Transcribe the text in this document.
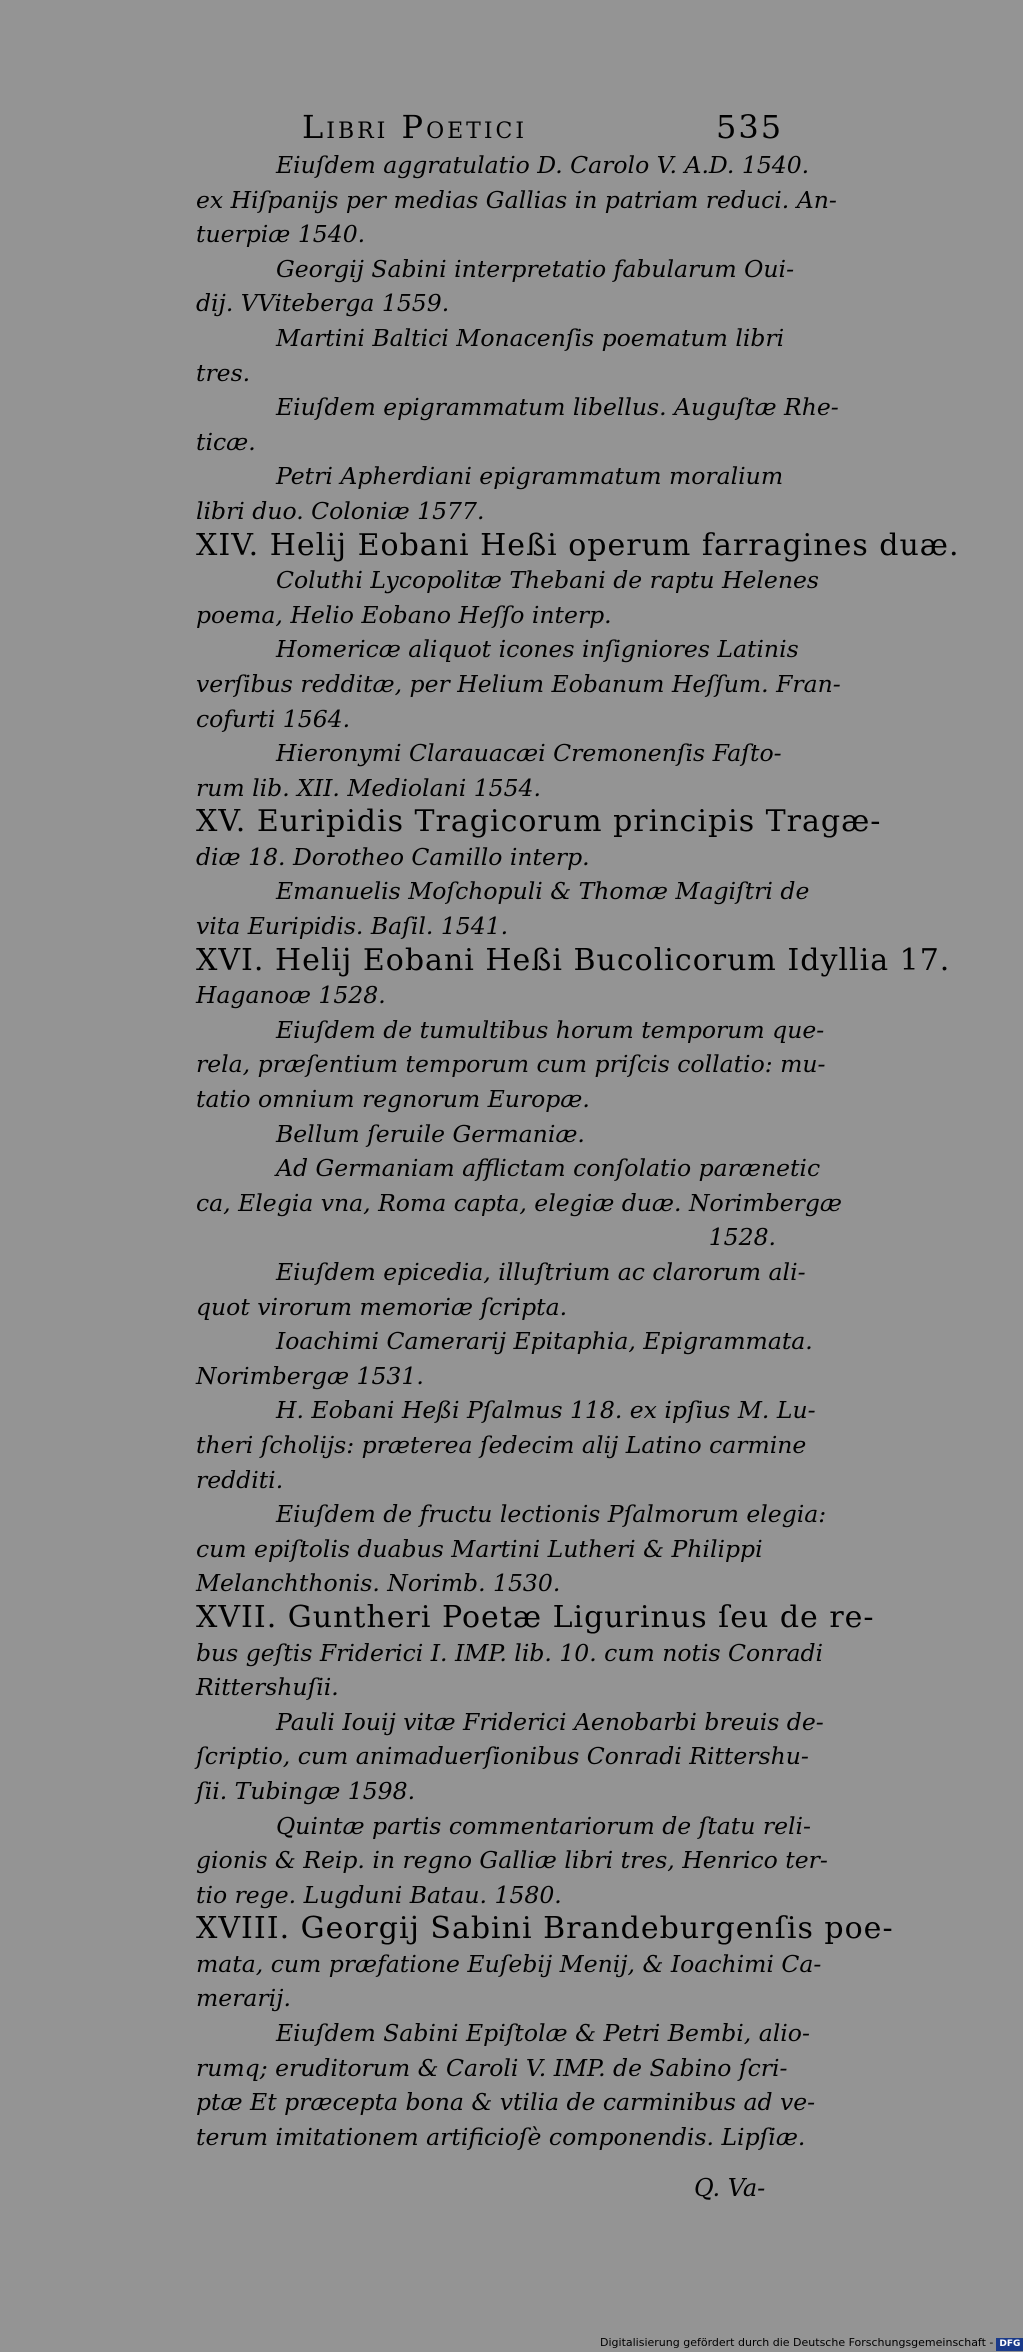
Libri Poetici	535
Eiuſdem aggratulatio D. Carolo V. A.D. 1540.
ex Hiſpanijs per medias Gallias in patriam reduci. An-
tuerpiæ 1540.
Georgij Sabini interpretatio fabularum Oui-
dij. VViteberga 1559.
Martini Baltici Monacenſis poematum libri
tres.
Eiuſdem epigrammatum libellus. Auguſtæ Rhe-
ticæ.
Petri Apherdiani epigrammatum moralium
libri duo. Coloniæ 1577.
XIV. Helij Eobani Heßi operum farragines duæ.
Coluthi Lycopolitæ Thebani de raptu Helenes
poema, Helio Eobano Heſſo interp.
Homericæ aliquot icones inſigniores Latinis
verſibus redditæ, per Helium Eobanum Heſſum. Fran-
cofurti 1564.
Hieronymi Clarauacæi Cremonenſis Faſto-
rum lib. XII. Mediolani 1554.
XV. Euripidis Tragicorum principis Tragæ-
diæ 18. Dorotheo Camillo interp.
Emanuelis Moſchopuli & Thomæ Magiſtri de
vita Euripidis. Baſil. 1541.
XVI. Helij Eobani Heßi Bucolicorum Idyllia 17.
Haganoæ 1528.
Eiuſdem de tumultibus horum temporum que-
rela, præſentium temporum cum priſcis collatio: mu-
tatio omnium regnorum Europæ.
Bellum ſeruile Germaniæ.
Ad Germaniam afflictam conſolatio parænetic
ca, Elegia vna, Roma capta, elegiæ duæ. Norimbergæ
1528.
Eiuſdem epicedia, illuſtrium ac clarorum ali-
quot virorum memoriæ ſcripta.
Ioachimi Camerarij Epitaphia, Epigrammata.
Norimbergæ 1531.
H. Eobani Heßi Pſalmus 118. ex ipſius M. Lu-
theri ſcholijs: præterea ſedecim alij Latino carmine
redditi.
Eiuſdem de fructu lectionis Pſalmorum elegia:
cum epiſtolis duabus Martini Lutheri & Philippi
Melanchthonis. Norimb. 1530.
XVII. Guntheri Poetæ Ligurinus ſeu de re-
bus geſtis Friderici I. IMP. lib. 10. cum notis Conradi
Rittershuſii.
Pauli Iouij vitæ Friderici Aenobarbi breuis de-
ſcriptio, cum animaduerſionibus Conradi Rittershu-
ſii. Tubingæ 1598.
Quintæ partis commentariorum de ſtatu reli-
gionis & Reip. in regno Galliæ libri tres, Henrico ter-
tio rege. Lugduni Batau. 1580.
XVIII. Georgij Sabini Brandeburgenſis poe-
mata, cum præfatione Euſebij Menij, & Ioachimi Ca-
merarij.
Eiuſdem Sabini Epiſtolæ & Petri Bembi, alio-
rumq; eruditorum & Caroli V. IMP. de Sabino ſcri-
ptæ Et præcepta bona & vtilia de carminibus ad ve-
terum imitationem artificioſè componendis. Lipſiæ.
Q. Va-
Digitalisierung gefördert durch die Deutsche Forschungsgemeinschaft - DFG
